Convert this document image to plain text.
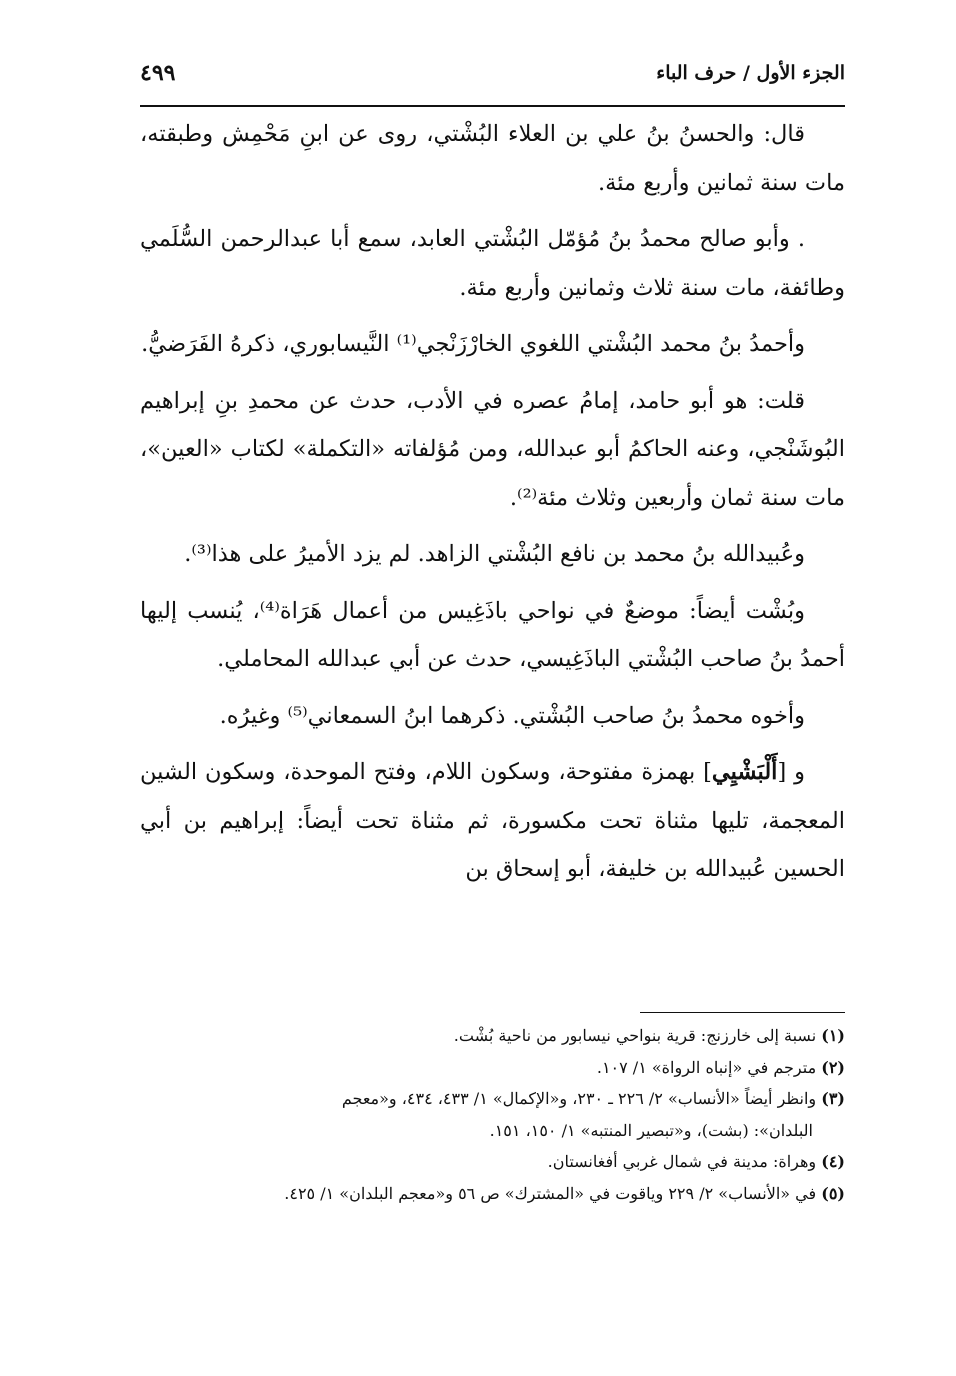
الجزء الأول / حرف الباء
٤٩٩

قال: والحسنُ بنُ علي بن العلاء البُشْتي، روى عن ابنِ مَحْمِش وطبقته، مات سنة ثمانين وأربع مئة.

. وأبو صالح محمدُ بنُ مُؤمّل البُشْتي العابد، سمع أبا عبدالرحمن السُّلَمي وطائفة، مات سنة ثلاث وثمانين وأربع مئة.

وأحمدُ بنُ محمد البُشْتي اللغوي الخارْزَنْجي⁽¹⁾ النَّيسابوري، ذكرهُ الفَرَضيُّ.

قلت: هو أبو حامد، إمامُ عصره في الأدب، حدث عن محمدِ بنِ إبراهيم البُوشَنْجي، وعنه الحاكمُ أبو عبدالله، ومن مُؤلفاته «التكملة» لكتاب «العين»، مات سنة ثمان وأربعين وثلاث مئة⁽²⁾.

وعُبيدالله بنُ محمد بن نافع البُشْتي الزاهد. لم يزد الأميرُ على هذا⁽³⁾.

وبُشْت أيضاً: موضعٌ في نواحي باذَغِيس من أعمال هَرَاة⁽⁴⁾، يُنسب إليها أحمدُ بنُ صاحب البُشْتي الباذَغِيسي، حدث عن أبي عبدالله المحاملي.

وأخوه محمدُ بنُ صاحب البُشْتي. ذكرهما ابنُ السمعاني⁽⁵⁾ وغيرُه.

و [أَلْبَشْيِي] بهمزة مفتوحة، وسكون اللام، وفتح الموحدة، وسكون الشين المعجمة، تليها مثناة تحت مكسورة، ثم مثناة تحت أيضاً: إبراهيم بن أبي الحسين عُبيدالله بن خليفة، أبو إسحاق بن

(١) نسبة إلى خارزنج: قرية بنواحي نيسابور من ناحية بُشْت.

(٢) مترجم في «إنباه الرواة» ١/ ١٠٧.

(٣) وانظر أيضاً «الأنساب» ٢/ ٢٢٦ ـ ٢٣٠، و«الإكمال» ١/ ٤٣٣، ٤٣٤، و«معجم

البلدان»: (بشت)، و«تبصير المنتبه» ١/ ١٥٠، ١٥١.

(٤) وهراة: مدينة في شمال غربي أفغانستان.

(٥) في «الأنساب» ٢/ ٢٢٩ وياقوت في «المشترك» ص ٥٦ و«معجم البلدان» ١/ ٤٢٥.
